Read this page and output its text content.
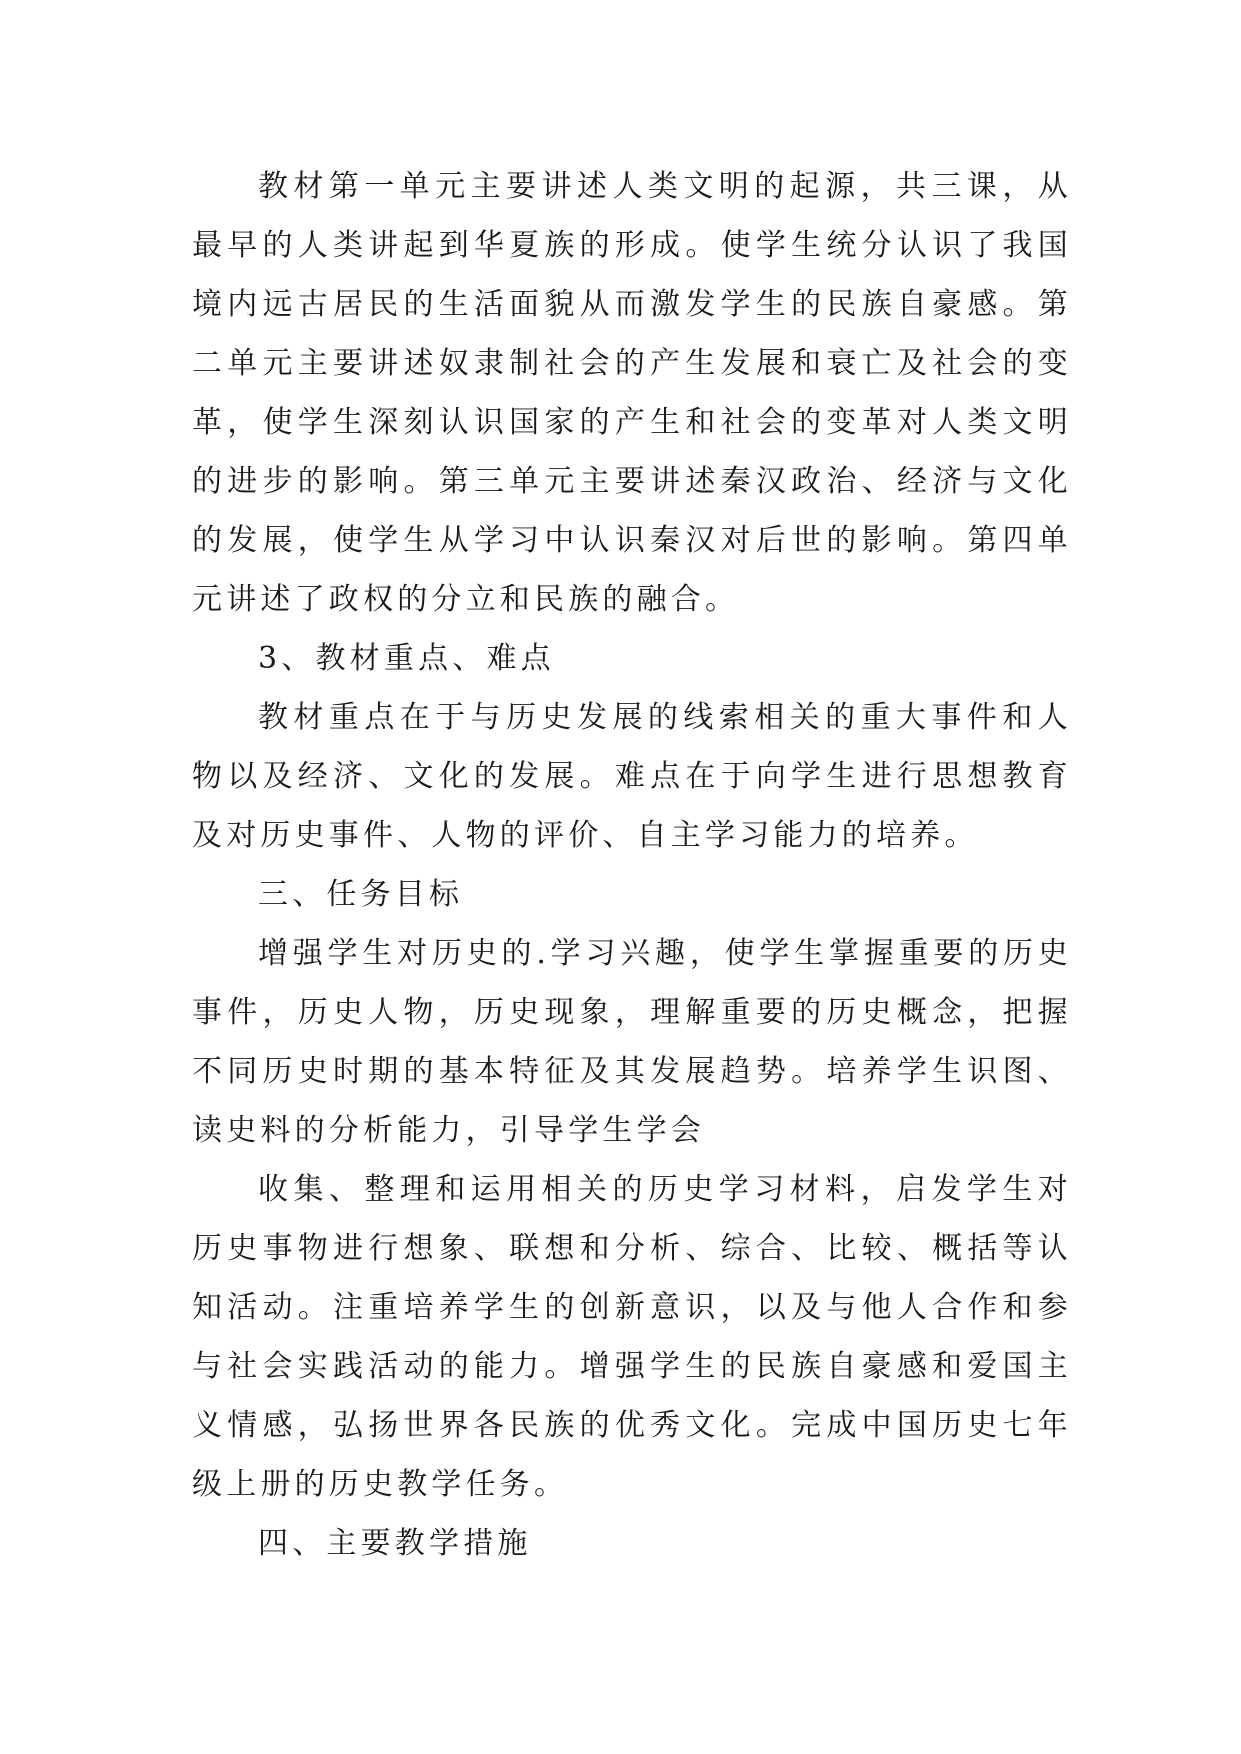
教材第一单元主要讲述人类文明的起源，共三课，从最早的人类讲起到华夏族的形成。使学生统分认识了我国境内远古居民的生活面貌从而激发学生的民族自豪感。第二单元主要讲述奴隶制社会的产生发展和衰亡及社会的变革，使学生深刻认识国家的产生和社会的变革对人类文明的进步的影响。第三单元主要讲述秦汉政治、经济与文化的发展，使学生从学习中认识秦汉对后世的影响。第四单元讲述了政权的分立和民族的融合。

3、教材重点、难点

教材重点在于与历史发展的线索相关的重大事件和人物以及经济、文化的发展。难点在于向学生进行思想教育及对历史事件、人物的评价、自主学习能力的培养。

三、任务目标

增强学生对历史的.学习兴趣，使学生掌握重要的历史事件，历史人物，历史现象，理解重要的历史概念，把握不同历史时期的基本特征及其发展趋势。培养学生识图、读史料的分析能力，引导学生学会

收集、整理和运用相关的历史学习材料，启发学生对历史事物进行想象、联想和分析、综合、比较、概括等认知活动。注重培养学生的创新意识，以及与他人合作和参与社会实践活动的能力。增强学生的民族自豪感和爱国主义情感，弘扬世界各民族的优秀文化。完成中国历史七年级上册的历史教学任务。

四、主要教学措施
